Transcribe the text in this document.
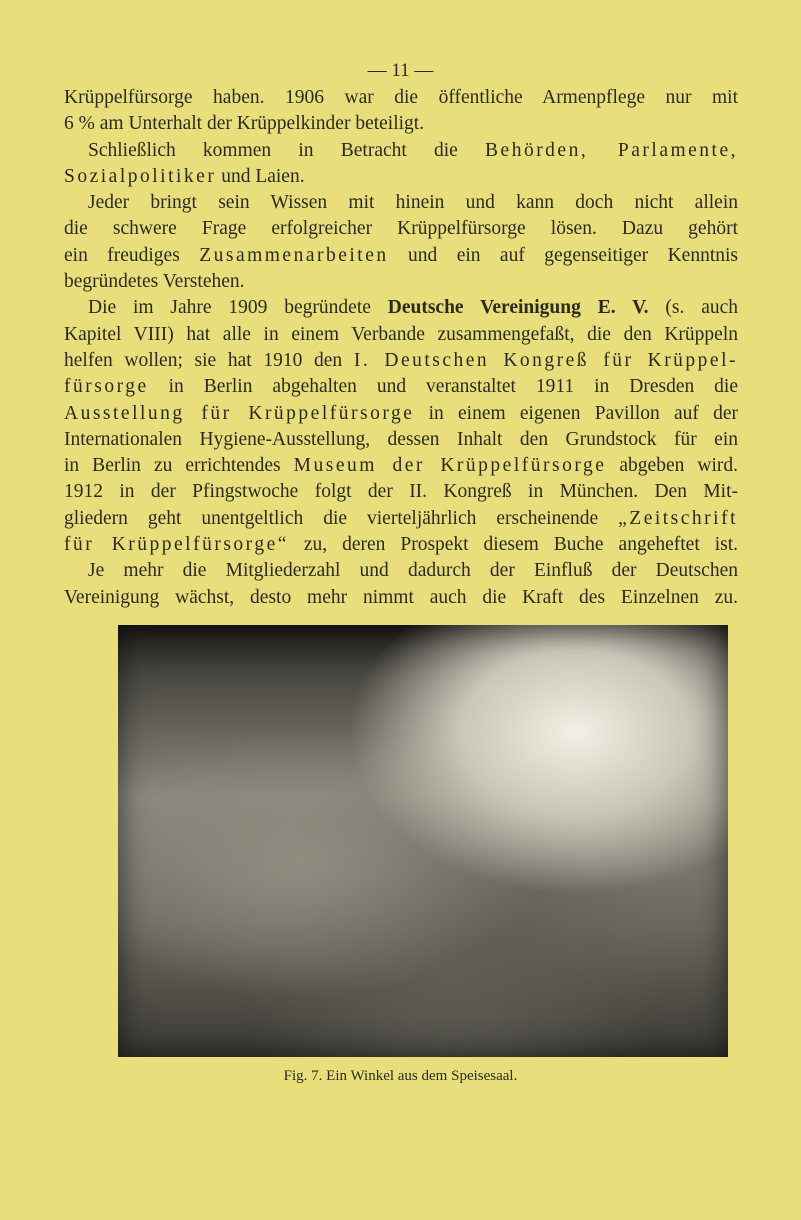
— 11 —
Krüppelfürsorge haben. 1906 war die öffentliche Armenpflege nur mit
6 % am Unterhalt der Krüppelkinder beteiligt.
Schließlich kommen in Betracht die Behörden, Parlamente,
Sozialpolitiker und Laien.
Jeder bringt sein Wissen mit hinein und kann doch nicht allein
die schwere Frage erfolgreicher Krüppelfürsorge lösen. Dazu gehört
ein freudiges Zusammenarbeiten und ein auf gegenseitiger Kenntnis
begründetes Verstehen.
Die im Jahre 1909 begründete Deutsche Vereinigung E. V. (s. auch
Kapitel VIII) hat alle in einem Verbande zusammengefaßt, die den Krüppeln
helfen wollen; sie hat 1910 den I. Deutschen Kongreß für Krüppel-
fürsorge in Berlin abgehalten und veranstaltet 1911 in Dresden die
Ausstellung für Krüppelfürsorge in einem eigenen Pavillon auf der
Internationalen Hygiene-Ausstellung, dessen Inhalt den Grundstock für ein
in Berlin zu errichtendes Museum der Krüppelfürsorge abgeben wird.
1912 in der Pfingstwoche folgt der II. Kongreß in München. Den Mit-
gliedern geht unentgeltlich die vierteljährlich erscheinende „Zeitschrift
für Krüppelfürsorge“ zu, deren Prospekt diesem Buche angeheftet ist.
Je mehr die Mitgliederzahl und dadurch der Einfluß der Deutschen
Vereinigung wächst, desto mehr nimmt auch die Kraft des Einzelnen zu.
Fig. 7. Ein Winkel aus dem Speisesaal.
